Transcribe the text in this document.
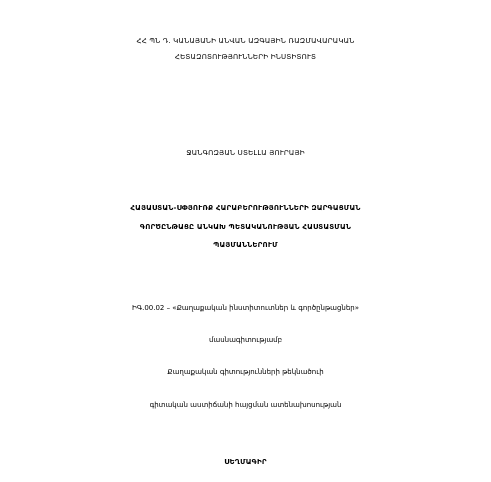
ՀՀ ՊՆ Դ. ԿԱՆԱՅԱՆԻ ԱՆՎԱՆ ԱԶԳԱՅԻՆ ՌԱԶՄԱՎԱՐԱԿԱՆ
ՀԵՏԱԶՈՏՈՒԹՅՈՒՆՆԵՐԻ ԻՆՍՏԻՏՈՒՏ
ՋԱՆԳՈԶՅԱՆ ՍՏԵԼԼԱ ՅՈՒՐԱՅԻ
ՀԱՅԱՍՏԱՆ-ՍՓՅՈՒՌՔ ՀԱՐԱԲԵՐՈՒԹՅՈՒՆՆԵՐԻ ԶԱՐԳԱՑՄԱՆ
ԳՈՐԾԸՆԹԱՑԸ ԱՆԿԱԽ ՊԵՏԱԿԱՆՈՒԹՅԱՆ ՀԱՍՏԱՏՄԱՆ
ՊԱՅՄԱՆՆԵՐՈՒՄ
ԻԳ.00.02 – «Քաղաքական ինստիտուտներ և գործընթացներ»
մասնագիտությամբ
Քաղաքական գիտությունների թեկնածուի
գիտական աստիճանի հայցման ատենախոսության
ՍԵՂՄԱԳԻՐ
